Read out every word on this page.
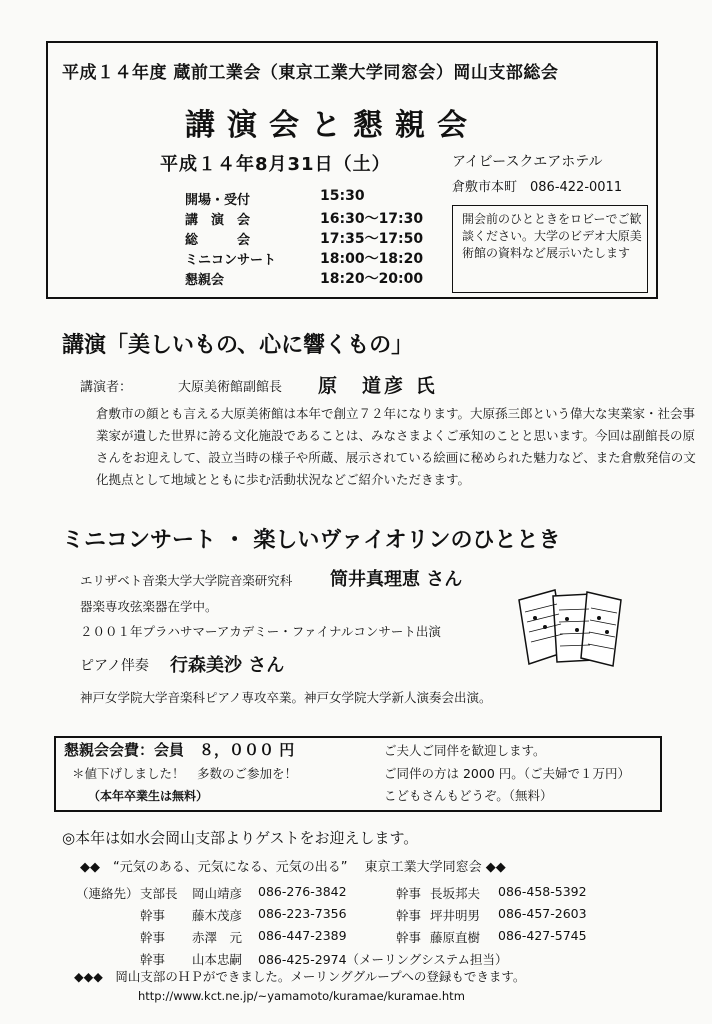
平成１４年度 蔵前工業会（東京工業大学同窓会）岡山支部総会
講演会と懇親会
平成１４年8月31日（土）	アイビースクエアホテル
倉敷市本町　086-422-0011
開場・受付	15:30
講　演　会	16:30〜17:30
総　　　会	17:35〜17:50
ミニコンサート	18:00〜18:20
懇親会	18:20〜20:00
開会前のひとときをロビーでご歓談ください。大学のビデオ大原美術館の資料など展示いたします
講演「美しいもの、心に響くもの」
講演者：	大原美術館副館長 原　道彦 氏
倉敷市の顔とも言える大原美術館は本年で創立７２年になります。大原孫三郎という偉大な実業家・社会事業家が遺した世界に誇る文化施設であることは、みなさまよくご承知のことと思います。今回は副館長の原さんをお迎えして、設立当時の様子や所蔵、展示されている絵画に秘められた魅力など、また倉敷発信の文化拠点として地域とともに歩む活動状況などご紹介いただきます。
ミニコンサート ・ 楽しいヴァイオリンのひととき
エリザベト音楽大学大学院音楽研究科 筒井真理恵 さん
器楽専攻弦楽器在学中。
２００１年プラハサマーアカデミー・ファイナルコンサート出演
ピアノ伴奏 行森美沙 さん
神戸女学院大学音楽科ピアノ専攻卒業。神戸女学院大学新人演奏会出演。
懇親会会費：会員　８，０００ 円
＊値下げしました！　多数のご参加を！
（本年卒業生は無料）
ご夫人ご同伴を歓迎します。
ご同伴の方は 2000 円。（ご夫婦で１万円）
こどもさんもどうぞ。（無料）
◎本年は如水会岡山支部よりゲストをお迎えします。
◆◆　“元気のある、元気になる、元気の出る”　 東京工業大学同窓会 ◆◆
（連絡先） 支部長 岡山靖彦 086-276-3842	幹事 長坂邦夫 086-458-5392
幹事 藤木茂彦 086-223-7356	幹事 坪井明男 086-457-2603
幹事 赤澤　元 086-447-2389	幹事 藤原直樹 086-427-5745
幹事 山本忠嗣 086-425-2974（メーリングシステム担当）
◆◆◆　岡山支部のＨＰができました。メーリンググループへの登録もできます。
http://www.kct.ne.jp/~yamamoto/kuramae/kuramae.htm
